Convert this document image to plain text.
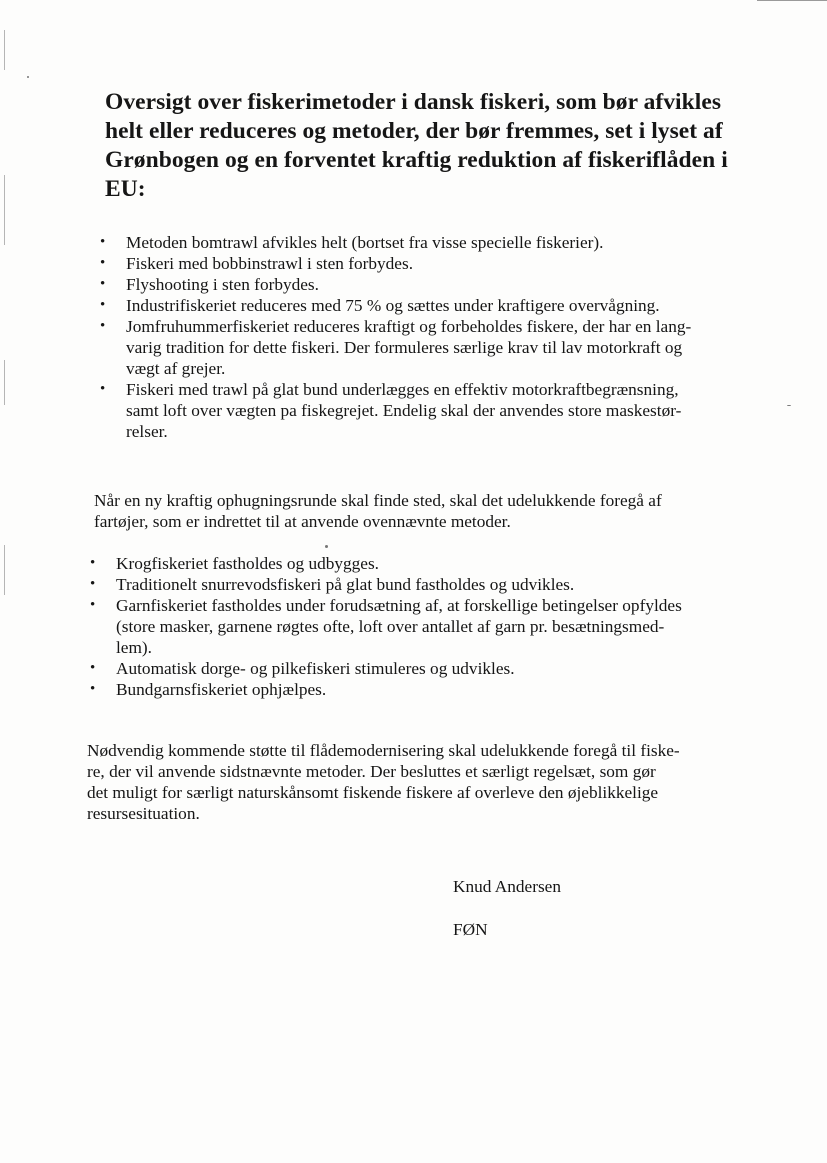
Oversigt over fiskerimetoder i dansk fiskeri, som bør afvikles
helt eller reduceres og metoder, der bør fremmes, set i lyset af
Grønbogen og en forventet kraftig reduktion af fiskeriflåden i
EU:
• Metoden bomtrawl afvikles helt (bortset fra visse specielle fiskerier).
• Fiskeri med bobbinstrawl i sten forbydes.
• Flyshooting i sten forbydes.
• Industrifiskeriet reduceres med 75 % og sættes under kraftigere overvågning.
• Jomfruhummerfiskeriet reduceres kraftigt og forbeholdes fiskere, der har en lang-
varig tradition for dette fiskeri. Der formuleres særlige krav til lav motorkraft og
vægt af grejer.
• Fiskeri med trawl på glat bund underlægges en effektiv motorkraftbegrænsning,
samt loft over vægten pa fiskegrejet. Endelig skal der anvendes store maskestør-
relser.

Når en ny kraftig ophugningsrunde skal finde sted, skal det udelukkende foregå af
fartøjer, som er indrettet til at anvende ovennævnte metoder.

• Krogfiskeriet fastholdes og udbygges.
• Traditionelt snurrevodsfiskeri på glat bund fastholdes og udvikles.
• Garnfiskeriet fastholdes under forudsætning af, at forskellige betingelser opfyldes
(store masker, garnene røgtes ofte, loft over antallet af garn pr. besætningsmed-
lem).
• Automatisk dorge- og pilkefiskeri stimuleres og udvikles.
• Bundgarnsfiskeriet ophjælpes.

Nødvendig kommende støtte til flådemodernisering skal udelukkende foregå til fiske-
re, der vil anvende sidstnævnte metoder. Der besluttes et særligt regelsæt, som gør
det muligt for særligt naturskånsomt fiskende fiskere af overleve den øjeblikkelige
resursesituation.

Knud Andersen
FØN
